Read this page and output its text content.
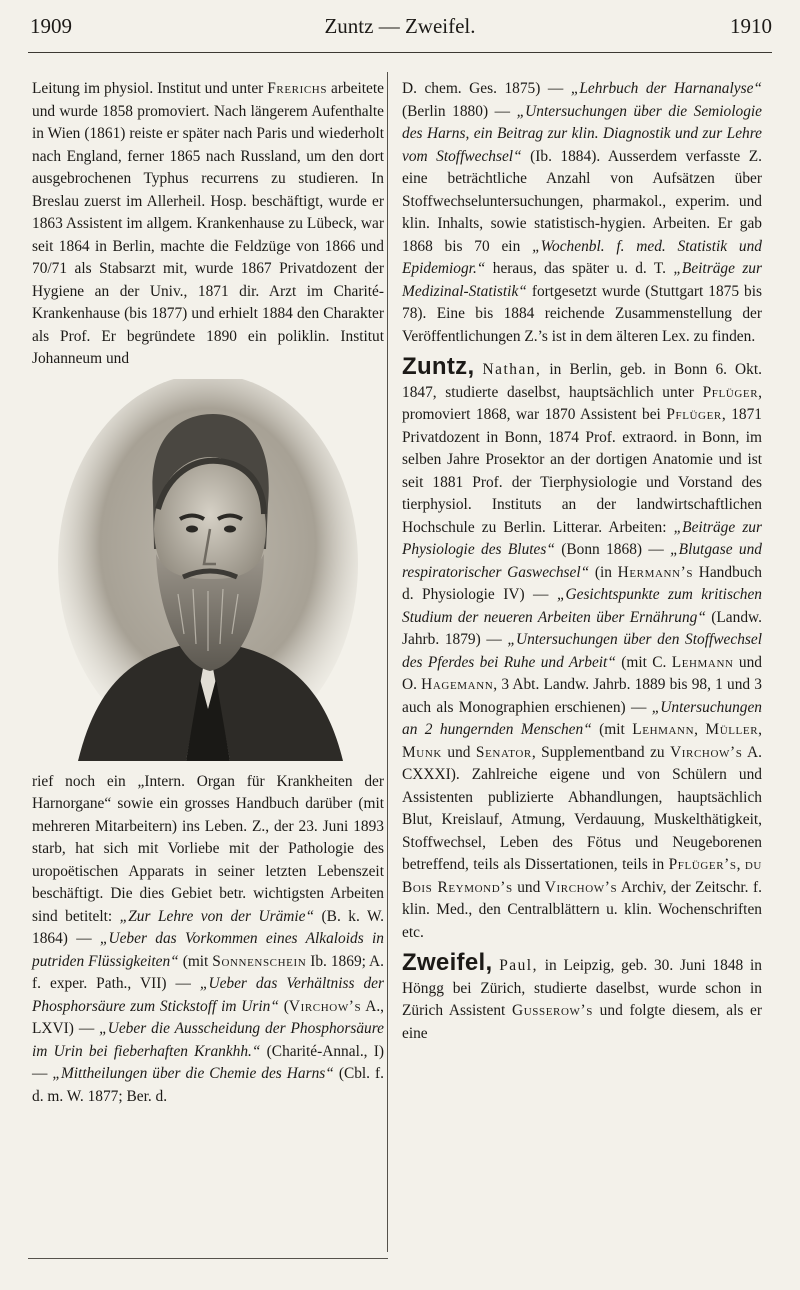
1909	Zuntz — Zweifel.	1910

Leitung im physiol. Institut und unter Frerichs arbeitete und wurde 1858 promoviert. Nach längerem Aufenthalte in Wien (1861) reiste er später nach Paris und wiederholt nach England, ferner 1865 nach Russland, um den dort ausgebrochenen Typhus recurrens zu studieren. In Breslau zuerst im Allerheil. Hosp. beschäftigt, wurde er 1863 Assistent im allgem. Krankenhause zu Lübeck, war seit 1864 in Berlin, machte die Feldzüge von 1866 und 70/71 als Stabsarzt mit, wurde 1867 Privatdozent der Hygiene an der Univ., 1871 dir. Arzt im Charité-Krankenhause (bis 1877) und erhielt 1884 den Charakter als Prof. Er begründete 1890 ein poliklin. Institut Johanneum und

rief noch ein „Intern. Organ für Krankheiten der Harnorgane“ sowie ein grosses Handbuch darüber (mit mehreren Mitarbeitern) ins Leben. Z., der 23. Juni 1893 starb, hat sich mit Vorliebe mit der Pathologie des uropoëtischen Apparats in seiner letzten Lebenszeit beschäftigt. Die dies Gebiet betr. wichtigsten Arbeiten sind betitelt: „Zur Lehre von der Urämie“ (B. k. W. 1864) — „Ueber das Vorkommen eines Alkaloids in putriden Flüssigkeiten“ (mit Sonnenschein Ib. 1869; A. f. exper. Path., VII) — „Ueber das Verhältniss der Phosphorsäure zum Stickstoff im Urin“ (Virchow’s A., LXVI) — „Ueber die Ausscheidung der Phosphorsäure im Urin bei fieberhaften Krankhh.“ (Charité-Annal., I) — „Mittheilungen über die Chemie des Harns“ (Cbl. f. d. m. W. 1877; Ber. d.

D. chem. Ges. 1875) — „Lehrbuch der Harnanalyse“ (Berlin 1880) — „Untersuchungen über die Semiologie des Harns, ein Beitrag zur klin. Diagnostik und zur Lehre vom Stoffwechsel“ (Ib. 1884). Ausserdem verfasste Z. eine beträchtliche Anzahl von Aufsätzen über Stoffwechseluntersuchungen, pharmakol., experim. und klin. Inhalts, sowie statistisch-hygien. Arbeiten. Er gab 1868 bis 70 ein „Wochenbl. f. med. Statistik und Epidemiogr.“ heraus, das später u. d. T. „Beiträge zur Medizinal-Statistik“ fortgesetzt wurde (Stuttgart 1875 bis 78). Eine bis 1884 reichende Zusammenstellung der Veröffentlichungen Z.’s ist in dem älteren Lex. zu finden.

Zuntz, Nathan, in Berlin, geb. in Bonn 6. Okt. 1847, studierte daselbst, hauptsächlich unter Pflüger, promoviert 1868, war 1870 Assistent bei Pflüger, 1871 Privatdozent in Bonn, 1874 Prof. extraord. in Bonn, im selben Jahre Prosektor an der dortigen Anatomie und ist seit 1881 Prof. der Tierphysiologie und Vorstand des tierphysiol. Instituts an der landwirtschaftlichen Hochschule zu Berlin. Litterar. Arbeiten: „Beiträge zur Physiologie des Blutes“ (Bonn 1868) — „Blutgase und respiratorischer Gaswechsel“ (in Hermann’s Handbuch d. Physiologie IV) — „Gesichtspunkte zum kritischen Studium der neueren Arbeiten über Ernährung“ (Landw. Jahrb. 1879) — „Untersuchungen über den Stoffwechsel des Pferdes bei Ruhe und Arbeit“ (mit C. Lehmann und O. Hagemann, 3 Abt. Landw. Jahrb. 1889 bis 98, 1 und 3 auch als Monographien erschienen) — „Untersuchungen an 2 hungernden Menschen“ (mit Lehmann, Müller, Munk und Senator, Supplementband zu Virchow’s A. CXXXI). Zahlreiche eigene und von Schülern und Assistenten publizierte Abhandlungen, hauptsächlich Blut, Kreislauf, Atmung, Verdauung, Muskelthätigkeit, Stoffwechsel, Leben des Fötus und Neugeborenen betreffend, teils als Dissertationen, teils in Pflüger’s, du Bois Reymond’s und Virchow’s Archiv, der Zeitschr. f. klin. Med., den Centralblättern u. klin. Wochenschriften etc.

Zweifel, Paul, in Leipzig, geb. 30. Juni 1848 in Höngg bei Zürich, studierte daselbst, wurde schon in Zürich Assistent Gusserow’s und folgte diesem, als er eine
